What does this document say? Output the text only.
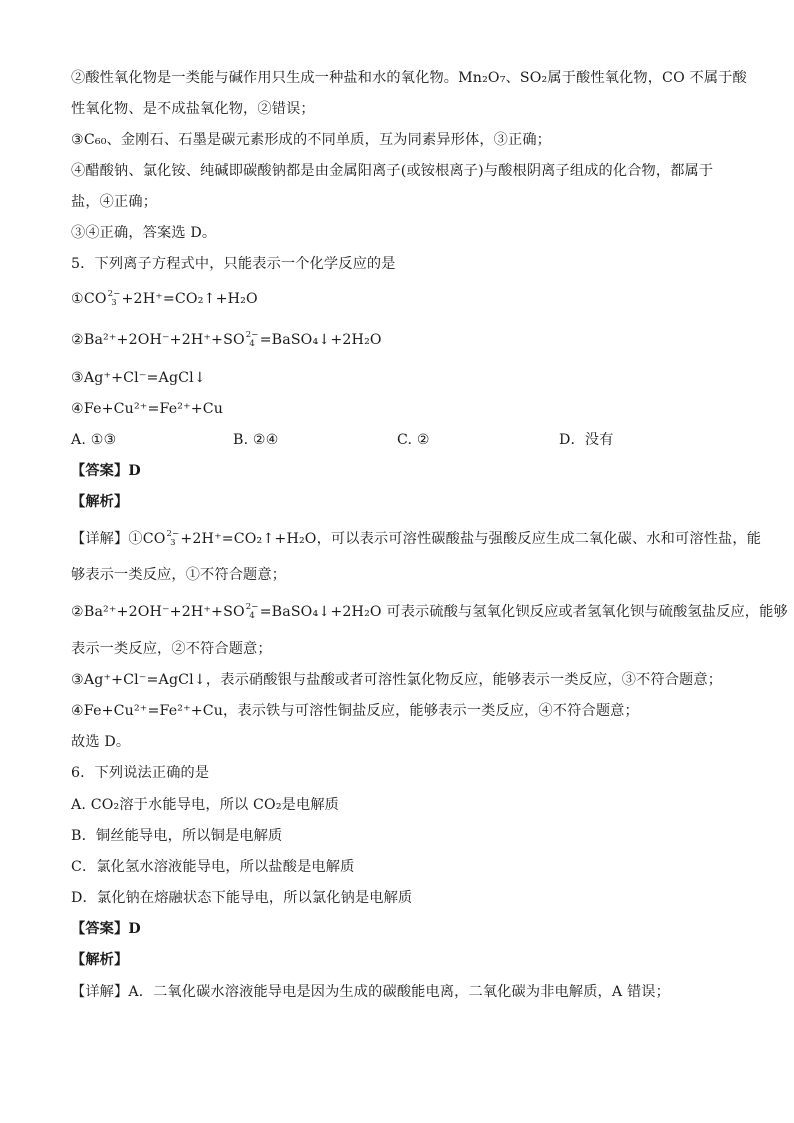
②酸性氧化物是一类能与碱作用只生成一种盐和水的氧化物。Mn₂O₇、SO₂属于酸性氧化物，CO 不属于酸

性氧化物、是不成盐氧化物，②错误；

③C₆₀、金刚石、石墨是碳元素形成的不同单质，互为同素异形体，③正确；

④醋酸钠、氯化铵、纯碱即碳酸钠都是由金属阳离子(或铵根离子)与酸根阴离子组成的化合物，都属于

盐，④正确；

③④正确，答案选 D。

5．下列离子方程式中，只能表示一个化学反应的是

①CO 2−
3 +2H⁺=CO₂↑+H₂O

②Ba²⁺+2OH⁻+2H⁺+SO 2−
4 =BaSO₄↓+2H₂O

③Ag⁺+Cl⁻=AgCl↓

④Fe+Cu²⁺=Fe²⁺+Cu

A. ①③	B. ②④	C. ②	D．没有

【答案】D

【解析】

【详解】①CO 2−
3 +2H⁺=CO₂↑+H₂O，可以表示可溶性碳酸盐与强酸反应生成二氧化碳、水和可溶性盐，能

够表示一类反应，①不符合题意；

②Ba²⁺+2OH⁻+2H⁺+SO 2−
4 =BaSO₄↓+2H₂O 可表示硫酸与氢氧化钡反应或者氢氧化钡与硫酸氢盐反应，能够

表示一类反应，②不符合题意；

③Ag⁺+Cl⁻=AgCl↓，表示硝酸银与盐酸或者可溶性氯化物反应，能够表示一类反应，③不符合题意；

④Fe+Cu²⁺=Fe²⁺+Cu，表示铁与可溶性铜盐反应，能够表示一类反应，④不符合题意；

故选 D。

6．下列说法正确的是

A. CO₂溶于水能导电，所以 CO₂是电解质

B．铜丝能导电，所以铜是电解质

C．氯化氢水溶液能导电，所以盐酸是电解质

D．氯化钠在熔融状态下能导电，所以氯化钠是电解质

【答案】D

【解析】

【详解】A．二氧化碳水溶液能导电是因为生成的碳酸能电离，二氧化碳为非电解质，A 错误；
